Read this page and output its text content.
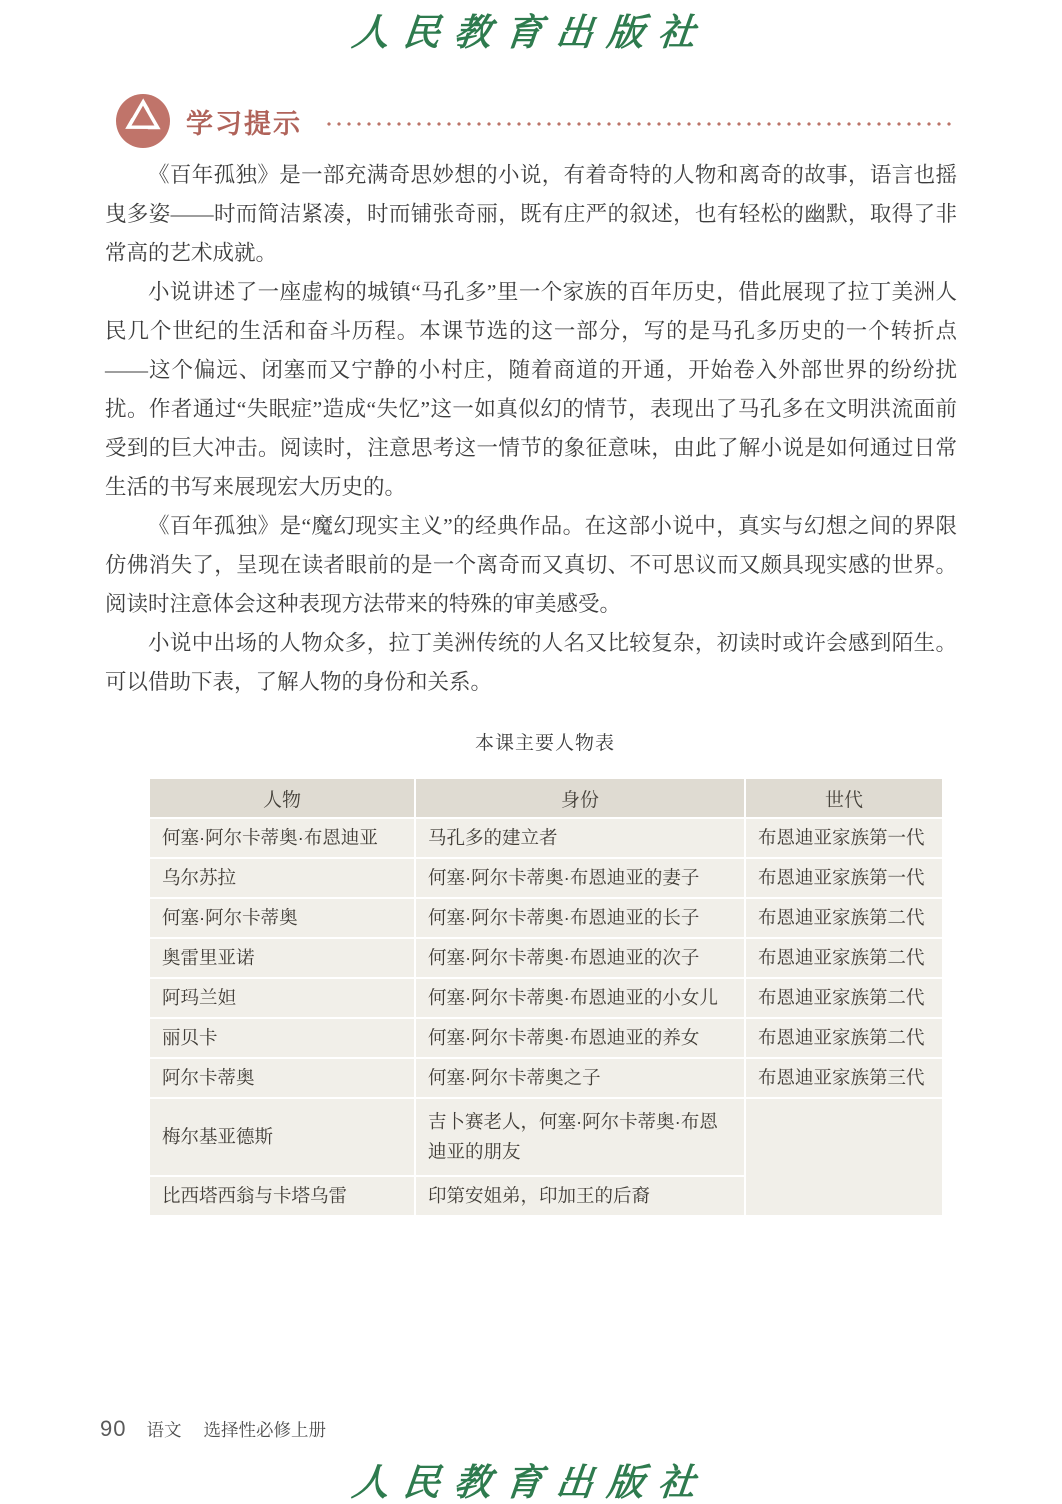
人民教育出版社
学习提示

《百年孤独》是一部充满奇思妙想的小说，有着奇特的人物和离奇的故事，语言也摇曳多姿——时而简洁紧凑，时而铺张奇丽，既有庄严的叙述，也有轻松的幽默，取得了非常高的艺术成就。

小说讲述了一座虚构的城镇“马孔多”里一个家族的百年历史，借此展现了拉丁美洲人民几个世纪的生活和奋斗历程。本课节选的这一部分，写的是马孔多历史的一个转折点——这个偏远、闭塞而又宁静的小村庄，随着商道的开通，开始卷入外部世界的纷纷扰扰。作者通过“失眠症”造成“失忆”这一如真似幻的情节，表现出了马孔多在文明洪流面前受到的巨大冲击。阅读时，注意思考这一情节的象征意味，由此了解小说是如何通过日常生活的书写来展现宏大历史的。

《百年孤独》是“魔幻现实主义”的经典作品。在这部小说中，真实与幻想之间的界限仿佛消失了，呈现在读者眼前的是一个离奇而又真切、不可思议而又颇具现实感的世界。阅读时注意体会这种表现方法带来的特殊的审美感受。

小说中出场的人物众多，拉丁美洲传统的人名又比较复杂，初读时或许会感到陌生。可以借助下表，了解人物的身份和关系。

本课主要人物表
人物	身份	世代
何塞·阿尔卡蒂奥·布恩迪亚	马孔多的建立者	布恩迪亚家族第一代
乌尔苏拉	何塞·阿尔卡蒂奥·布恩迪亚的妻子	布恩迪亚家族第一代
何塞·阿尔卡蒂奥	何塞·阿尔卡蒂奥·布恩迪亚的长子	布恩迪亚家族第二代
奥雷里亚诺	何塞·阿尔卡蒂奥·布恩迪亚的次子	布恩迪亚家族第二代
阿玛兰妲	何塞·阿尔卡蒂奥·布恩迪亚的小女儿	布恩迪亚家族第二代
丽贝卡	何塞·阿尔卡蒂奥·布恩迪亚的养女	布恩迪亚家族第二代
阿尔卡蒂奥	何塞·阿尔卡蒂奥之子	布恩迪亚家族第三代
梅尔基亚德斯	吉卜赛老人，何塞·阿尔卡蒂奥·布恩迪亚的朋友	
比西塔西翁与卡塔乌雷	印第安姐弟，印加王的后裔	
90 语文 选择性必修上册
人民教育出版社
